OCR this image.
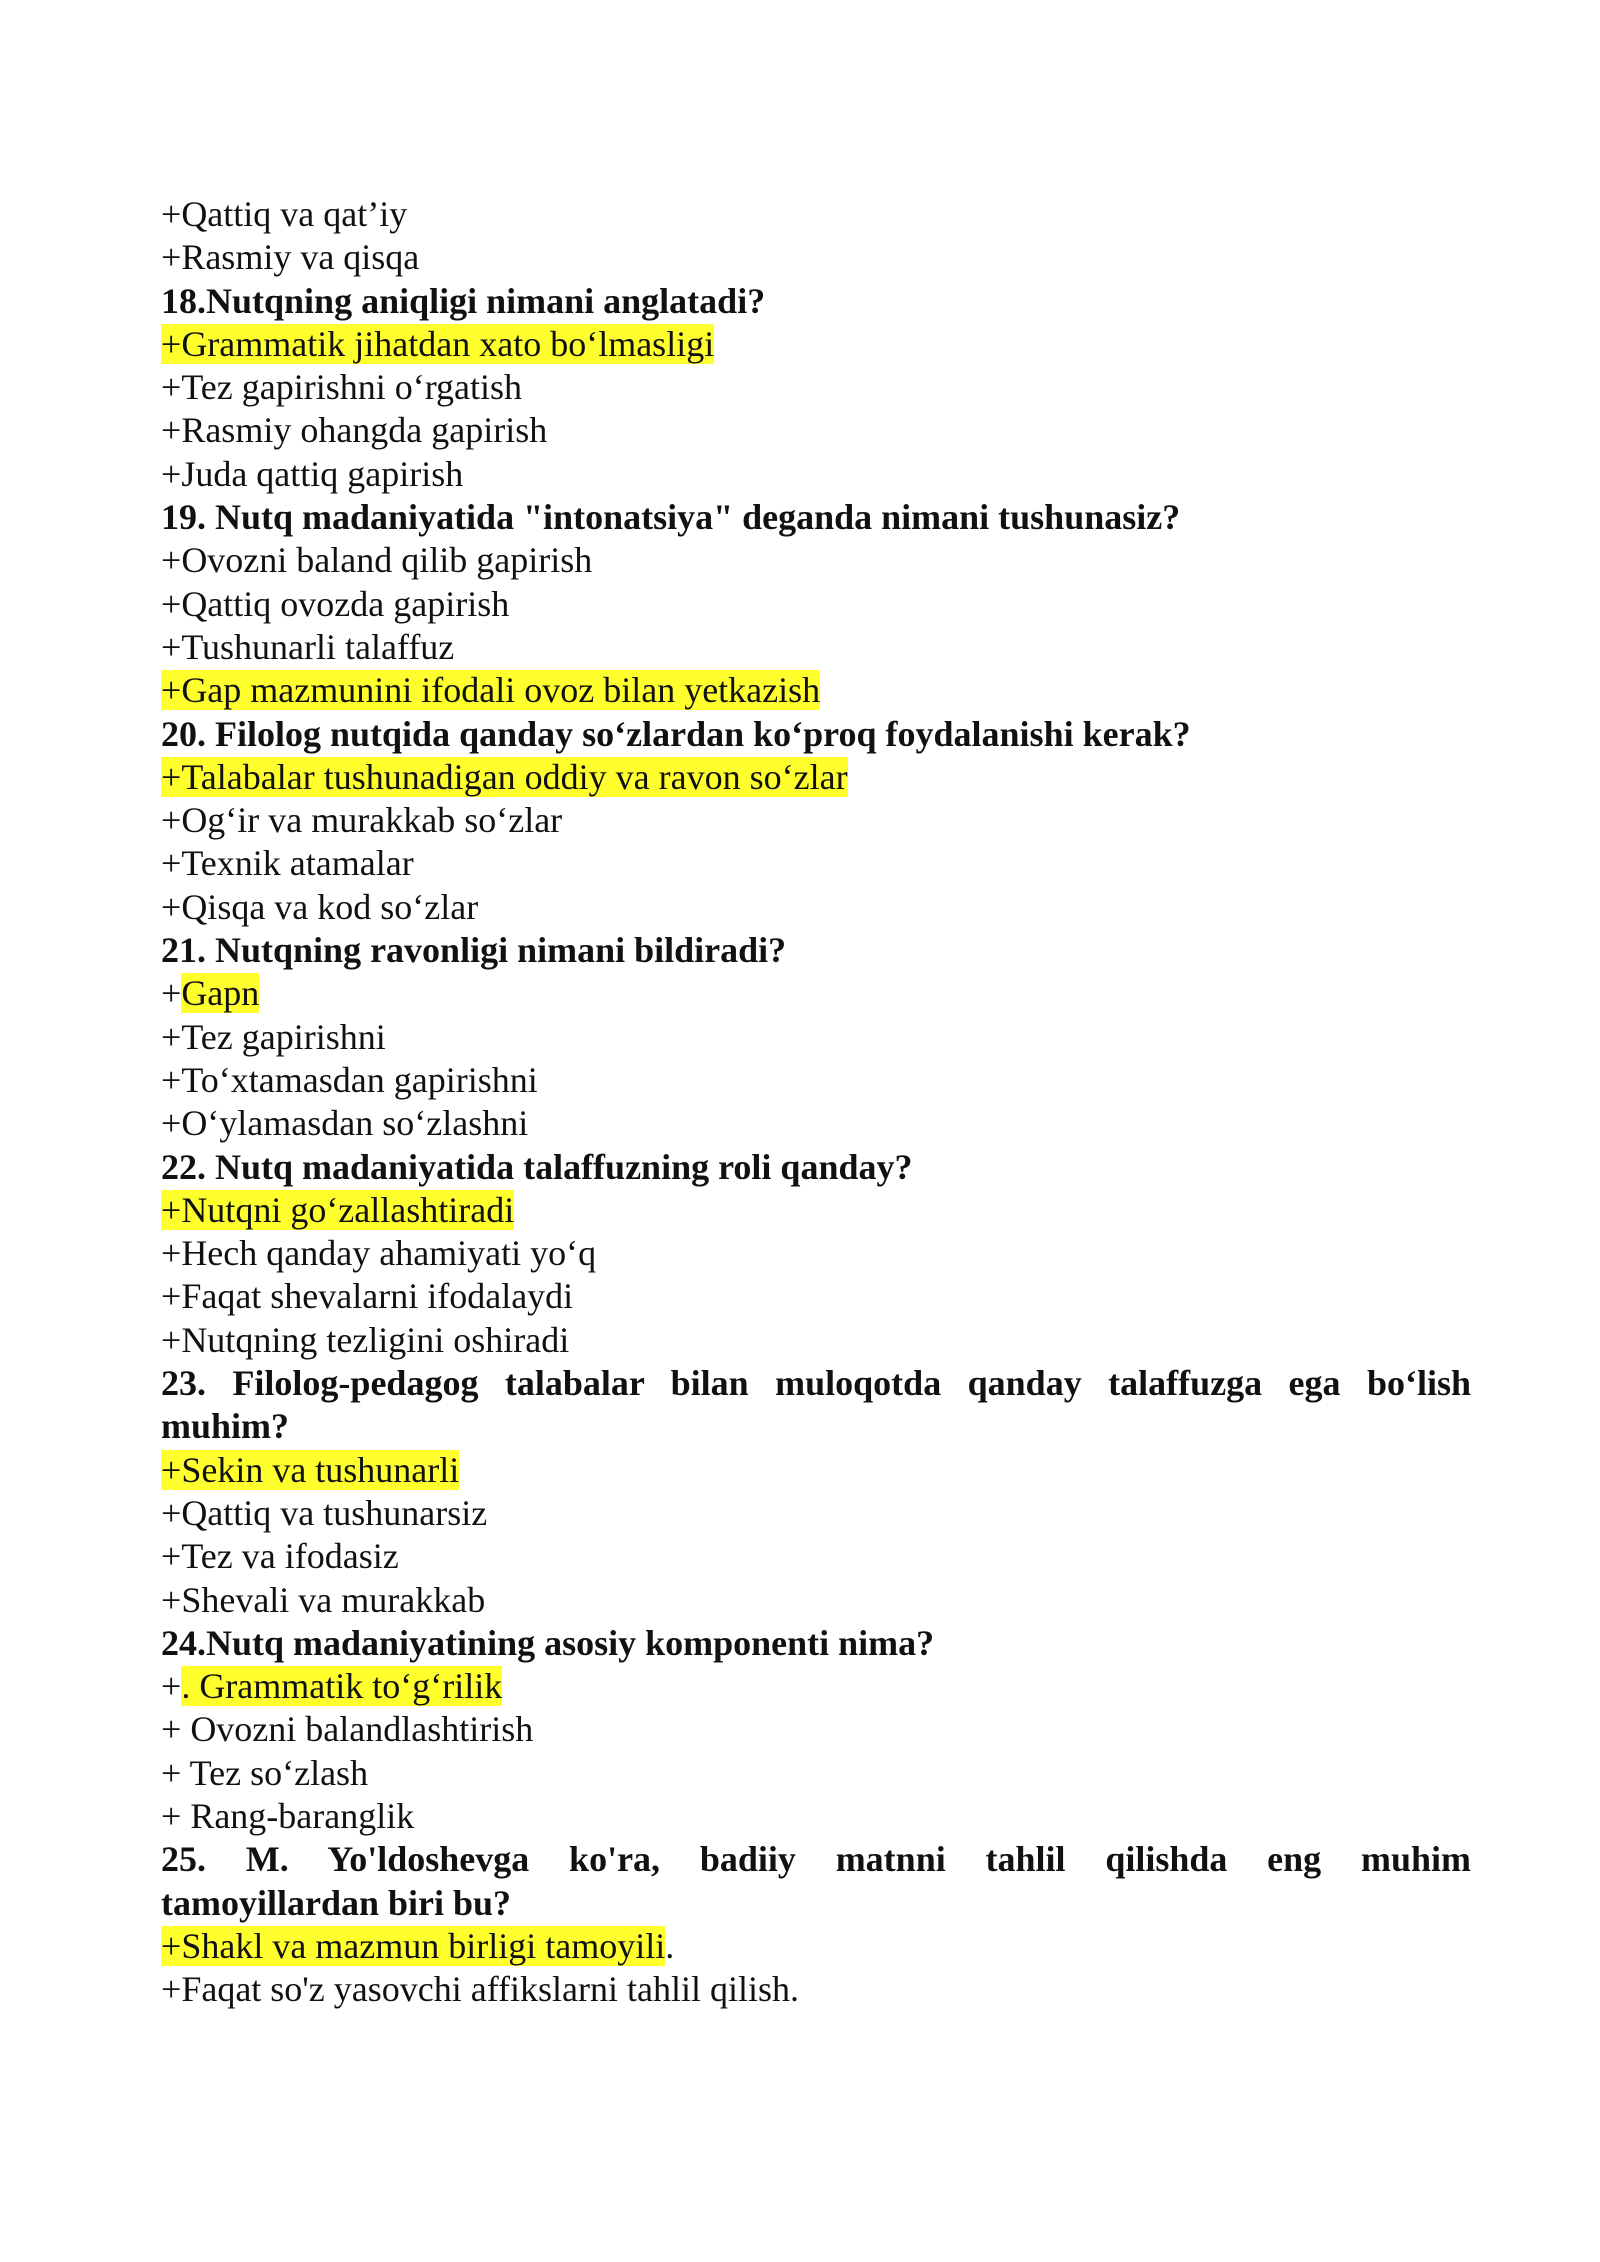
+Qattiq va qat’iy
+Rasmiy va qisqa
18.Nutqning aniqligi nimani anglatadi?
+Grammatik jihatdan xato bo‘lmasligi
+Tez gapirishni o‘rgatish
+Rasmiy ohangda gapirish
+Juda qattiq gapirish
19. Nutq madaniyatida "intonatsiya" deganda nimani tushunasiz?
+Ovozni baland qilib gapirish
+Qattiq ovozda gapirish
+Tushunarli talaffuz
+Gap mazmunini ifodali ovoz bilan yetkazish
20. Filolog nutqida qanday so‘zlardan ko‘proq foydalanishi kerak?
+Talabalar tushunadigan oddiy va ravon so‘zlar
+Og‘ir va murakkab so‘zlar
+Texnik atamalar
+Qisqa va kod so‘zlar
21. Nutqning ravonligi nimani bildiradi?
+Gapn
+Tez gapirishni
+To‘xtamasdan gapirishni
+O‘ylamasdan so‘zlashni
22. Nutq madaniyatida talaffuzning roli qanday?
+Nutqni go‘zallashtiradi
+Hech qanday ahamiyati yo‘q
+Faqat shevalarni ifodalaydi
+Nutqning tezligini oshiradi
23. Filolog-pedagog talabalar bilan muloqotda qanday talaffuzga ega bo‘lish
muhim?
+Sekin va tushunarli
+Qattiq va tushunarsiz
+Tez va ifodasiz
+Shevali va murakkab
24.Nutq madaniyatining asosiy komponenti nima?
+. Grammatik to‘g‘rilik
+ Ovozni balandlashtirish
+ Tez so‘zlash
+ Rang-baranglik
25. M. Yo'ldoshevga ko'ra, badiiy matnni tahlil qilishda eng muhim
tamoyillardan biri bu?
+Shakl va mazmun birligi tamoyili.
+Faqat so'z yasovchi affikslarni tahlil qilish.
